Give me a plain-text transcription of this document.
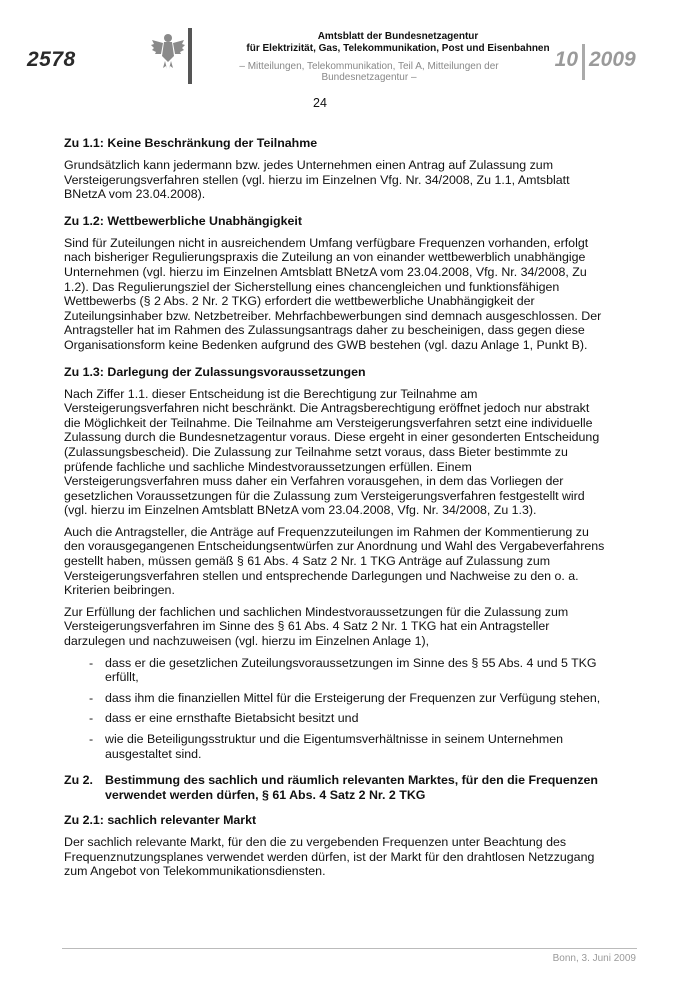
2578
Amtsblatt der Bundesnetzagentur
für Elektrizität, Gas, Telekommunikation, Post und Eisenbahnen
– Mitteilungen, Telekommunikation, Teil A, Mitteilungen der Bundesnetzagentur –
10 2009
24
Zu 1.1: Keine Beschränkung der Teilnahme

Grundsätzlich kann jedermann bzw. jedes Unternehmen einen Antrag auf Zulassung zum Versteigerungsverfahren stellen (vgl. hierzu im Einzelnen Vfg. Nr. 34/2008, Zu 1.1, Amtsblatt BNetzA vom 23.04.2008).

Zu 1.2: Wettbewerbliche Unabhängigkeit

Sind für Zuteilungen nicht in ausreichendem Umfang verfügbare Frequenzen vorhanden, erfolgt nach bisheriger Regulierungspraxis die Zuteilung an von einander wettbewerblich unabhängige Unternehmen (vgl. hierzu im Einzelnen Amtsblatt BNetzA vom 23.04.2008, Vfg. Nr. 34/2008, Zu 1.2). Das Regulierungsziel der Sicherstellung eines chancengleichen und funktionsfähigen Wettbewerbs (§ 2 Abs. 2 Nr. 2 TKG) erfordert die wettbewerbliche Unabhängigkeit der Zuteilungsinhaber bzw. Netzbetreiber. Mehrfachbewerbungen sind demnach ausgeschlossen. Der Antragsteller hat im Rahmen des Zulassungsantrags daher zu bescheinigen, dass gegen diese Organisationsform keine Bedenken aufgrund des GWB bestehen (vgl. dazu Anlage 1, Punkt B).

Zu 1.3: Darlegung der Zulassungsvoraussetzungen

Nach Ziffer 1.1. dieser Entscheidung ist die Berechtigung zur Teilnahme am Versteigerungsverfahren nicht beschränkt. Die Antragsberechtigung eröffnet jedoch nur abstrakt die Möglichkeit der Teilnahme. Die Teilnahme am Versteigerungsverfahren setzt eine individuelle Zulassung durch die Bundesnetzagentur voraus. Diese ergeht in einer gesonderten Entscheidung (Zulassungsbescheid). Die Zulassung zur Teilnahme setzt voraus, dass Bieter bestimmte zu prüfende fachliche und sachliche Mindestvoraussetzungen erfüllen. Einem Versteigerungsverfahren muss daher ein Verfahren vorausgehen, in dem das Vorliegen der gesetzlichen Voraussetzungen für die Zulassung zum Versteigerungsverfahren festgestellt wird (vgl. hierzu im Einzelnen Amtsblatt BNetzA vom 23.04.2008, Vfg. Nr. 34/2008, Zu 1.3).

Auch die Antragsteller, die Anträge auf Frequenzzuteilungen im Rahmen der Kommentierung zu den vorausgegangenen Entscheidungsentwürfen zur Anordnung und Wahl des Vergabeverfahrens gestellt haben, müssen gemäß § 61 Abs. 4 Satz 2 Nr. 1 TKG Anträge auf Zulassung zum Versteigerungsverfahren stellen und entsprechende Darlegungen und Nachweise zu den o. a. Kriterien beibringen.

Zur Erfüllung der fachlichen und sachlichen Mindestvoraussetzungen für die Zulassung zum Versteigerungsverfahren im Sinne des § 61 Abs. 4 Satz 2 Nr. 1 TKG hat ein Antragsteller darzulegen und nachzuweisen (vgl. hierzu im Einzelnen Anlage 1),

- dass er die gesetzlichen Zuteilungsvoraussetzungen im Sinne des § 55 Abs. 4 und 5 TKG erfüllt,
- dass ihm die finanziellen Mittel für die Ersteigerung der Frequenzen zur Verfügung stehen,
- dass er eine ernsthafte Bietabsicht besitzt und
- wie die Beteiligungsstruktur und die Eigentumsverhältnisse in seinem Unternehmen ausgestaltet sind.
Zu 2. Bestimmung des sachlich und räumlich relevanten Marktes, für den die Frequenzen verwendet werden dürfen, § 61 Abs. 4 Satz 2 Nr. 2 TKG
Zu 2.1: sachlich relevanter Markt

Der sachlich relevante Markt, für den die zu vergebenden Frequenzen unter Beachtung des Frequenznutzungsplanes verwendet werden dürfen, ist der Markt für den drahtlosen Netzzugang zum Angebot von Telekommunikationsdiensten.

Bonn, 3. Juni 2009
